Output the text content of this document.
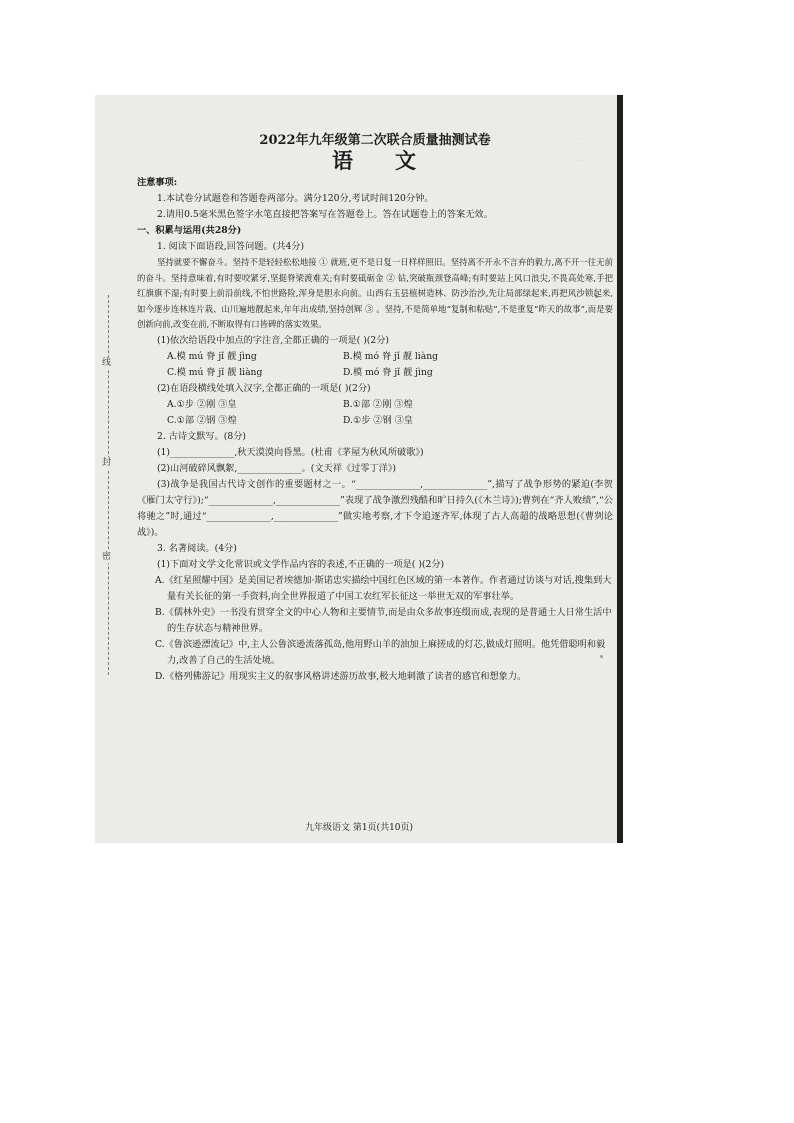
线
封
密
· · ·
· · ·
2022年九年级第二次联合质量抽测试卷
语文

注意事项:

1.本试卷分试题卷和答题卷两部分。满分120分,考试时间120分钟。

2.请用0.5毫米黑色签字水笔直接把答案写在答题卷上。答在试题卷上的答案无效。

一、积累与运用(共28分)

1. 阅读下面语段,回答问题。(共4分)

坚持就要不懈奋斗。坚持不是轻轻松松地接 ① 就班,更不是日复一日样样照旧。坚持离不开永不言弃的毅力,离不开一往无前的奋斗。坚持意味着,有时要咬紧牙,坚挺脊梁渡难关;有时要砥砺金 ② 钻,突破瓶颈登高峰;有时要站上风口浪尖,不畏高处寒,手把红旗旗不湿;有时要上前沿前线,不怕世路险,浑身是胆永向前。山西右玉县植树造林、防沙治沙,先让局部绿起来,再把风沙锁起来,如今逐步连林连片栽、山川遍地靓起来,年年出成绩,坚持创辉 ③ 。坚持,不是简单地“复制和粘贴”,不是重复“昨天的故事”,而是要创新向前,改变在前,不断取得有口皆碑的落实效果。

(1)依次给语段中加点的字注音,全都正确的一项是( )(2分)

A.模 mú 脊 jǐ 靓 jìng	B.模 mó 脊 jǐ 靓 liàng
C.模 mú 脊 jǐ 靓 liàng	D.模 mó 脊 jǐ 靓 jìng

(2)在语段横线处填入汉字,全都正确的一项是( )(2分)

A.①步 ②刚 ③皇	B.①部 ②刚 ③煌
C.①部 ②钢 ③煌	D.①步 ②钢 ③皇

2. 古诗文默写。(8分)

(1)______________,秋天漠漠向昏黑。(杜甫《茅屋为秋风所破歌》)

(2)山河破碎风飘絮,______________。(文天祥《过零丁洋》)

(3)战争是我国古代诗文创作的重要题材之一。“______________,______________”,描写了战争形势的紧迫(李贺《雁门太守行》);“______________,______________”表现了战争激烈残酷和旷日持久(《木兰诗》);曹刿在“齐人败绩”,“公将驰之”时,通过“______________,______________”做实地考察,才下令追逐齐军,体现了古人高超的战略思想(《曹刿论战》)。

3. 名著阅读。(4分)

(1)下面对文学文化常识或文学作品内容的表述,不正确的一项是( )(2分)

A.《红星照耀中国》是美国记者埃德加·斯诺忠实描绘中国红色区域的第一本著作。作者通过访谈与对话,搜集到大量有关长征的第一手资料,向全世界报道了中国工农红军长征这一举世无双的军事壮举。

B.《儒林外史》一书没有贯穿全文的中心人物和主要情节,而是由众多故事连缀而成,表现的是普通士人日常生活中的生存状态与精神世界。

C.《鲁滨逊漂流记》中,主人公鲁滨逊流落孤岛,他用野山羊的油加上麻搓成的灯芯,做成灯照明。他凭借聪明和毅力,改善了自己的生活处境。

D.《格列佛游记》用现实主义的叙事风格讲述游历故事,极大地刺激了读者的感官和想象力。

九年级语文 第1页(共10页)
